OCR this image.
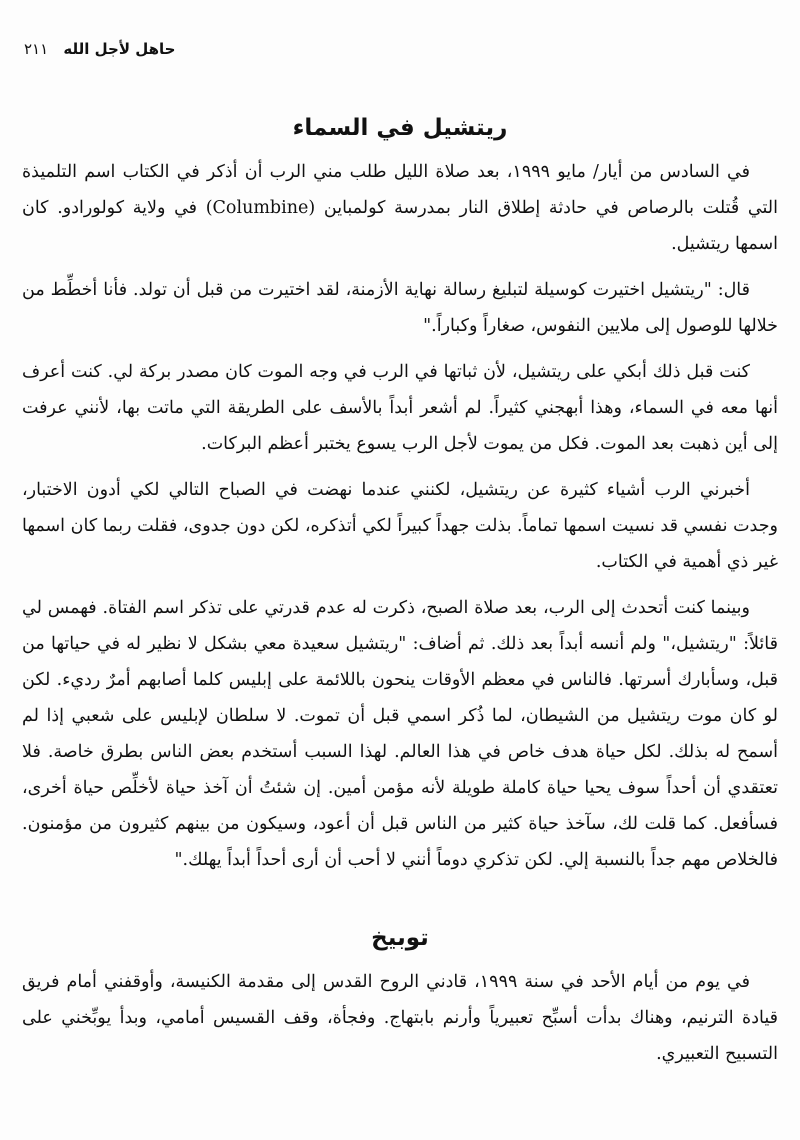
حاهل لأجل الله ٢١١
ريتشيل في السماء

في السادس من أيار/ مايو ١٩٩٩، بعد صلاة الليل طلب مني الرب أن أذكر في الكتاب اسم التلميذة التي قُتلت بالرصاص في حادثة إطلاق النار بمدرسة كولمباين (Columbine) في ولاية كولورادو. كان اسمها ريتشيل.

قال: "ريتشيل اختيرت كوسيلة لتبليغ رسالة نهاية الأزمنة، لقد اختيرت من قبل أن تولد. فأنا أخطِّط من خلالها للوصول إلى ملايين النفوس، صغاراً وكباراً."

كنت قبل ذلك أبكي على ريتشيل، لأن ثباتها في الرب في وجه الموت كان مصدر بركة لي. كنت أعرف أنها معه في السماء، وهذا أبهجني كثيراً. لم أشعر أبداً بالأسف على الطريقة التي ماتت بها، لأنني عرفت إلى أين ذهبت بعد الموت. فكل من يموت لأجل الرب يسوع يختبر أعظم البركات.

أخبرني الرب أشياء كثيرة عن ريتشيل، لكنني عندما نهضت في الصباح التالي لكي أدون الاختبار، وجدت نفسي قد نسيت اسمها تماماً. بذلت جهداً كبيراً لكي أتذكره، لكن دون جدوى، فقلت ربما كان اسمها غير ذي أهمية في الكتاب.

وبينما كنت أتحدث إلى الرب، بعد صلاة الصبح، ذكرت له عدم قدرتي على تذكر اسم الفتاة. فهمس لي قائلاً: "ريتشيل،" ولم أنسه أبداً بعد ذلك. ثم أضاف: "ريتشيل سعيدة معي بشكل لا نظير له في حياتها من قبل، وسأبارك أسرتها. فالناس في معظم الأوقات ينحون باللائمة على إبليس كلما أصابهم أمرٌ رديء. لكن لو كان موت ريتشيل من الشيطان، لما ذُكر اسمي قبل أن تموت. لا سلطان لإبليس على شعبي إذا لم أسمح له بذلك. لكل حياة هدف خاص في هذا العالم. لهذا السبب أستخدم بعض الناس بطرق خاصة. فلا تعتقدي أن أحداً سوف يحيا حياة كاملة طويلة لأنه مؤمن أمين. إن شئتُ أن آخذ حياة لأخلِّص حياة أخرى، فسأفعل. كما قلت لك، سآخذ حياة كثير من الناس قبل أن أعود، وسيكون من بينهم كثيرون من مؤمنون. فالخلاص مهم جداً بالنسبة إلي. لكن تذكري دوماً أنني لا أحب أن أرى أحداً أبداً يهلك."

توبيخ

في يوم من أيام الأحد في سنة ١٩٩٩، قادني الروح القدس إلى مقدمة الكنيسة، وأوقفني أمام فريق قيادة الترنيم، وهناك بدأت أسبِّح تعبيرياً وأرنم بابتهاج. وفجأة، وقف القسيس أمامي، وبدأ يوبِّخني على التسبيح التعبيري.
